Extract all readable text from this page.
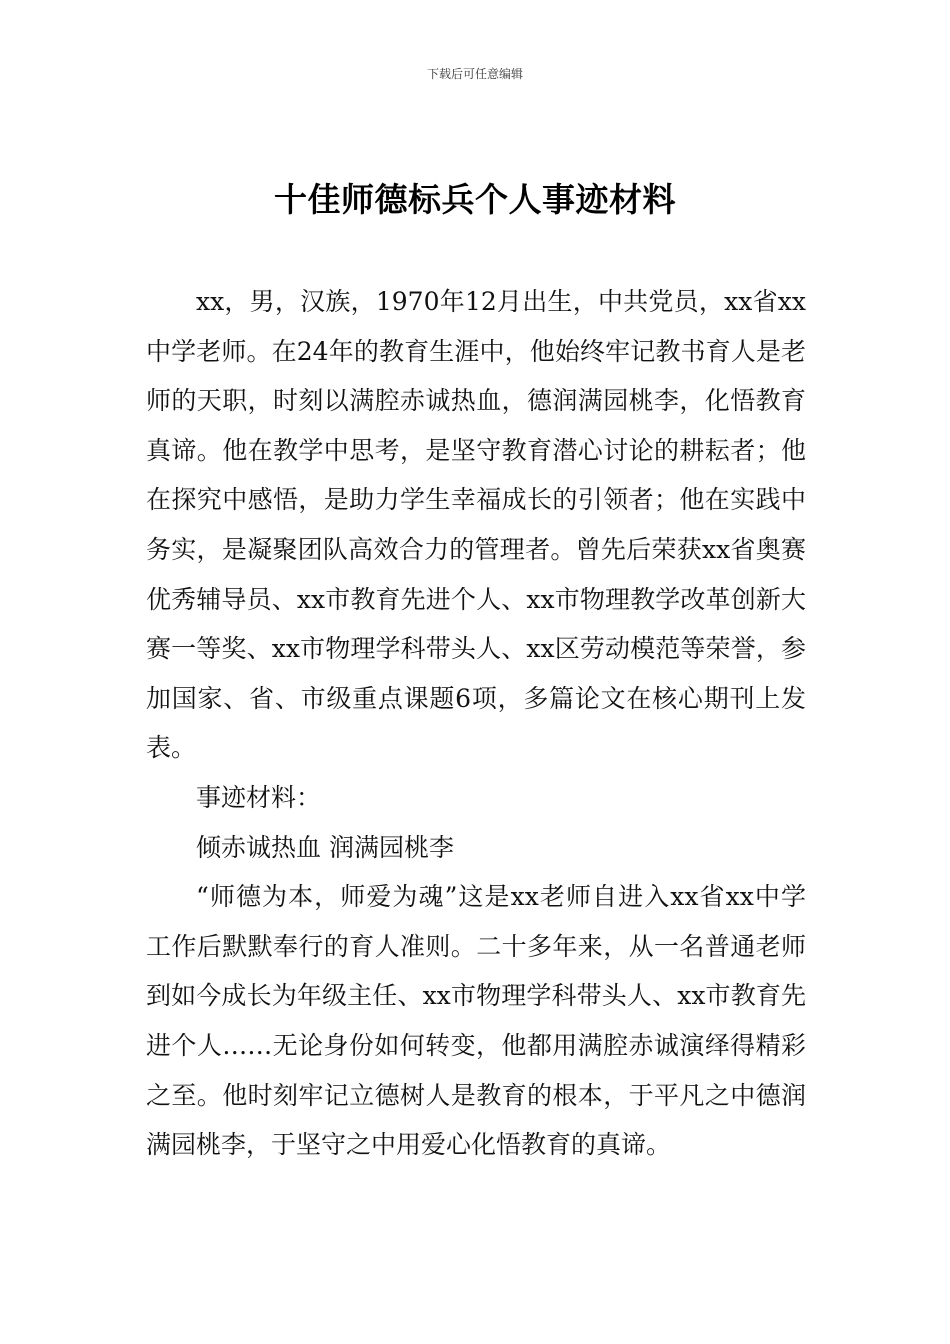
下载后可任意编辑
十佳师德标兵个人事迹材料

xx，男，汉族，1970年12月出生，中共党员，xx省xx中学老师。在24年的教育生涯中，他始终牢记教书育人是老师的天职，时刻以满腔赤诚热血，德润满园桃李，化悟教育真谛。他在教学中思考，是坚守教育潜心讨论的耕耘者；他在探究中感悟，是助力学生幸福成长的引领者；他在实践中务实，是凝聚团队高效合力的管理者。曾先后荣获xx省奥赛优秀辅导员、xx市教育先进个人、xx市物理教学改革创新大赛一等奖、xx市物理学科带头人、xx区劳动模范等荣誉，参加国家、省、市级重点课题6项，多篇论文在核心期刊上发表。

事迹材料：

倾赤诚热血 润满园桃李

“师德为本，师爱为魂”这是xx老师自进入xx省xx中学工作后默默奉行的育人准则。二十多年来，从一名普通老师到如今成长为年级主任、xx市物理学科带头人、xx市教育先进个人……无论身份如何转变，他都用满腔赤诚演绎得精彩之至。他时刻牢记立德树人是教育的根本，于平凡之中德润满园桃李，于坚守之中用爱心化悟教育的真谛。
